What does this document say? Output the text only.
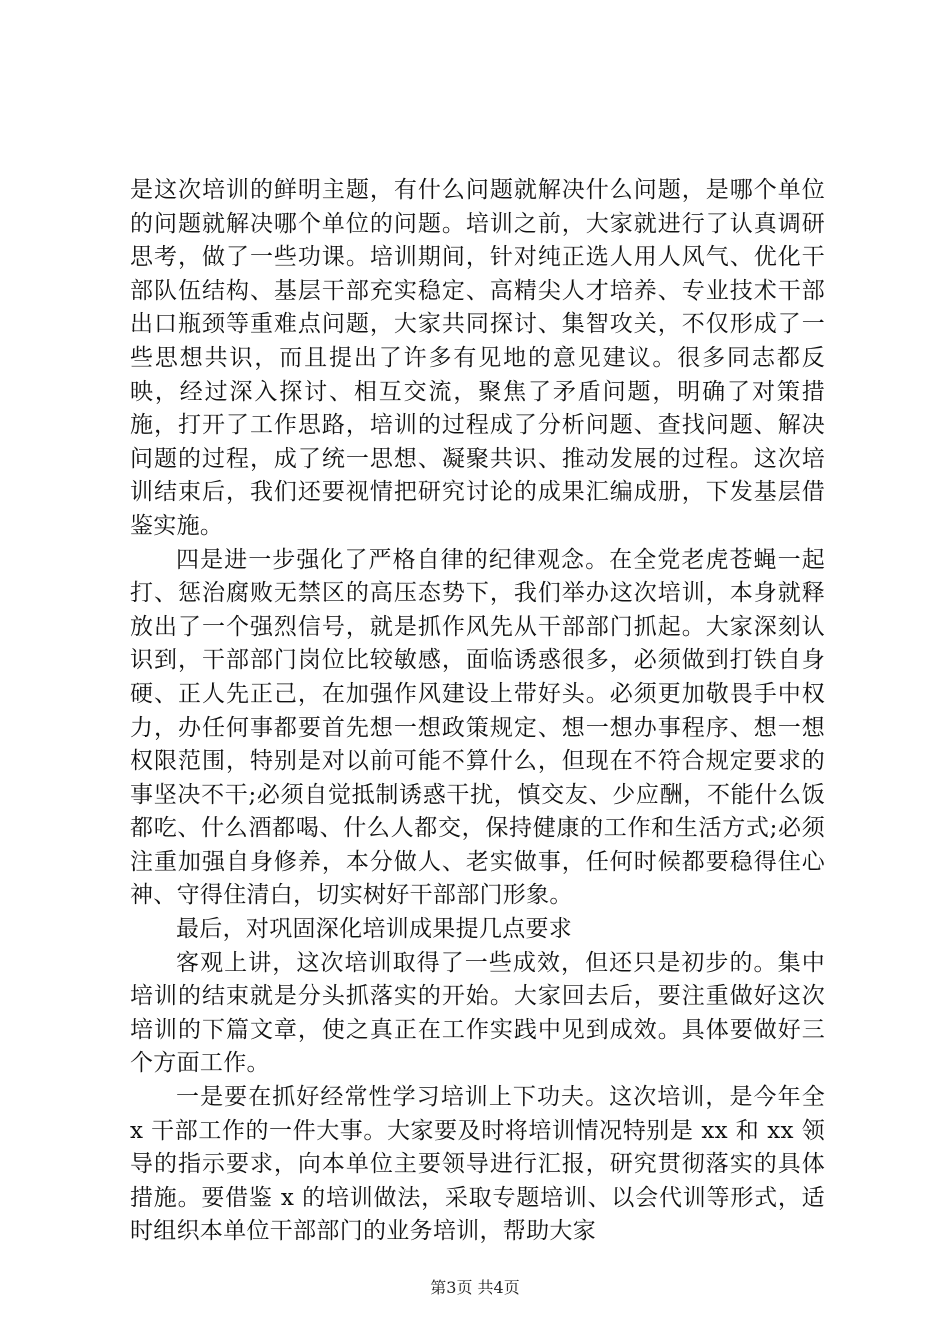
是这次培训的鲜明主题，有什么问题就解决什么问题，是哪个单位的问题就解决哪个单位的问题。培训之前，大家就进行了认真调研思考，做了一些功课。培训期间，针对纯正选人用人风气、优化干部队伍结构、基层干部充实稳定、高精尖人才培养、专业技术干部出口瓶颈等重难点问题，大家共同探讨、集智攻关，不仅形成了一些思想共识，而且提出了许多有见地的意见建议。很多同志都反映，经过深入探讨、相互交流，聚焦了矛盾问题，明确了对策措施，打开了工作思路，培训的过程成了分析问题、查找问题、解决问题的过程，成了统一思想、凝聚共识、推动发展的过程。这次培训结束后，我们还要视情把研究讨论的成果汇编成册，下发基层借鉴实施。

四是进一步强化了严格自律的纪律观念。在全党老虎苍蝇一起打、惩治腐败无禁区的高压态势下，我们举办这次培训，本身就释放出了一个强烈信号，就是抓作风先从干部部门抓起。大家深刻认识到，干部部门岗位比较敏感，面临诱惑很多，必须做到打铁自身硬、正人先正己，在加强作风建设上带好头。必须更加敬畏手中权力，办任何事都要首先想一想政策规定、想一想办事程序、想一想权限范围，特别是对以前可能不算什么，但现在不符合规定要求的事坚决不干;必须自觉抵制诱惑干扰，慎交友、少应酬，不能什么饭都吃、什么酒都喝、什么人都交，保持健康的工作和生活方式;必须注重加强自身修养，本分做人、老实做事，任何时候都要稳得住心神、守得住清白，切实树好干部部门形象。

最后，对巩固深化培训成果提几点要求

客观上讲，这次培训取得了一些成效，但还只是初步的。集中培训的结束就是分头抓落实的开始。大家回去后，要注重做好这次培训的下篇文章，使之真正在工作实践中见到成效。具体要做好三个方面工作。

一是要在抓好经常性学习培训上下功夫。这次培训，是今年全 x 干部工作的一件大事。大家要及时将培训情况特别是 xx 和 xx 领导的指示要求，向本单位主要领导进行汇报，研究贯彻落实的具体措施。要借鉴 x 的培训做法，采取专题培训、以会代训等形式，适时组织本单位干部部门的业务培训，帮助大家

第3页 共4页
